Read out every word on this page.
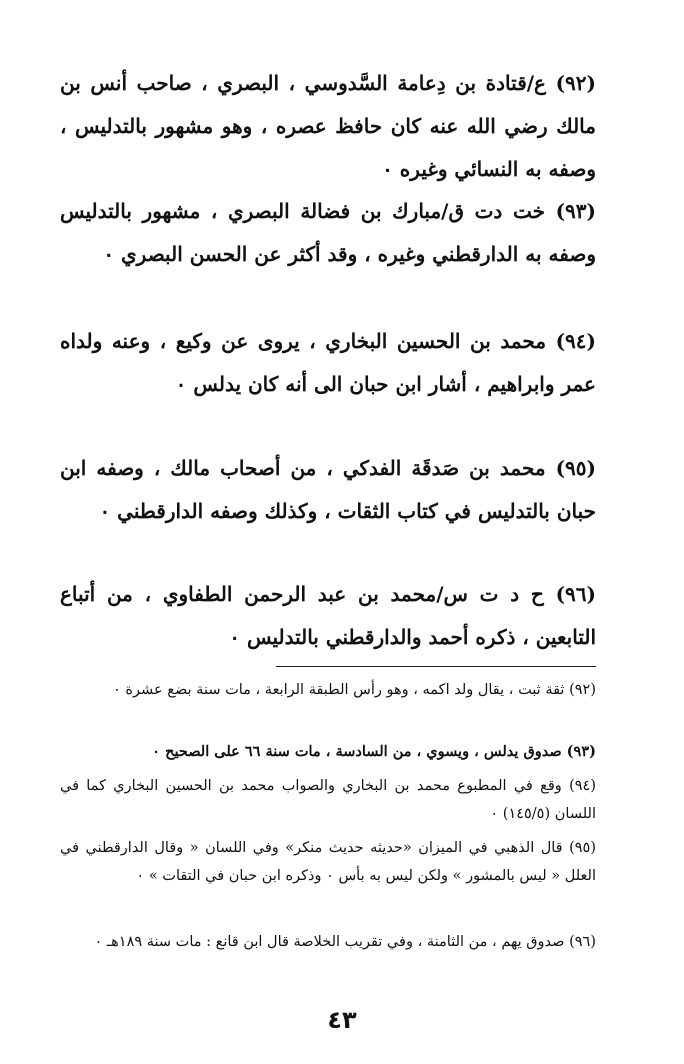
(٩٢) ع/قتادة بن دِعامة السَّدوسي ، البصري ، صاحب أنس بن مالك رضي الله عنه كان حافظ عصره ، وهو مشهور بالتدليس ، وصفه به النسائي وغيره ٠

(٩٣) خت دت ق/مبارك بن فضالة البصري ، مشهور بالتدليس وصفه به الدارقطني وغيره ، وقد أكثر عن الحسن البصري ٠

(٩٤) محمد بن الحسين البخاري ، يروى عن وكيع ، وعنه ولداه عمر وابراهيم ، أشار ابن حبان الى أنه كان يدلس ٠

(٩٥) محمد بن صَدقَة الفدكي ، من أصحاب مالك ، وصفه ابن حبان بالتدليس في كتاب الثقات ، وكذلك وصفه الدارقطني ٠

(٩٦) ح د ت س/محمد بن عبد الرحمن الطفاوي ، من أتباع التابعين ، ذكره أحمد والدارقطني بالتدليس ٠

(٩٢) ثقة ثبت ، يقال ولد اكمه ، وهو رأس الطبقة الرابعة ، مات سنة بضع عشرة ٠
(٩٣) صدوق يدلس ، ويسوي ، من السادسة ، مات سنة ٦٦ على الصحيح ٠
(٩٤) وقع في المطبوع محمد بن البخاري والصواب محمد بن الحسين البخاري كما في اللسان (١٤٥/٥) ٠
(٩٥) قال الذهبي في الميزان «حديثه حديث منكر» وفي اللسان « وقال الدارقطني في العلل « ليس بالمشور » ولكن ليس به بأس ٠ وذكره ابن حبان في التقات » ٠
(٩٦) صدوق يهم ، من الثامنة ، وفي تقريب الخلاصة قال ابن قانع : مات سنة ١٨٩هـ ٠
٤٣
